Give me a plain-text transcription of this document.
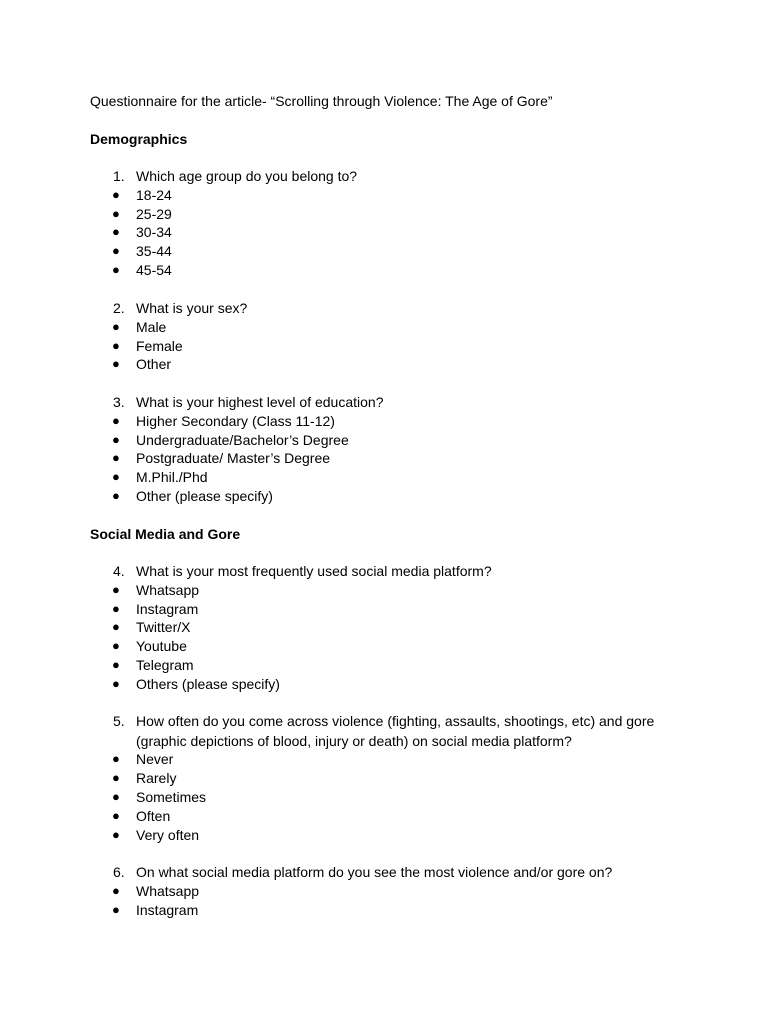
Questionnaire for the article- “Scrolling through Violence: The Age of Gore”
Demographics
1. Which age group do you belong to?
● 18-24
● 25-29
● 30-34
● 35-44
● 45-54
2. What is your sex?
● Male
● Female
● Other
3. What is your highest level of education?
● Higher Secondary (Class 11-12)
● Undergraduate/Bachelor’s Degree
● Postgraduate/ Master’s Degree
● M.Phil./Phd
● Other (please specify)
Social Media and Gore
4. What is your most frequently used social media platform?
● Whatsapp
● Instagram
● Twitter/X
● Youtube
● Telegram
● Others (please specify)
5. How often do you come across violence (fighting, assaults, shootings, etc) and gore (graphic depictions of blood, injury or death) on social media platform?
● Never
● Rarely
● Sometimes
● Often
● Very often
6. On what social media platform do you see the most violence and/or gore on?
● Whatsapp
● Instagram
